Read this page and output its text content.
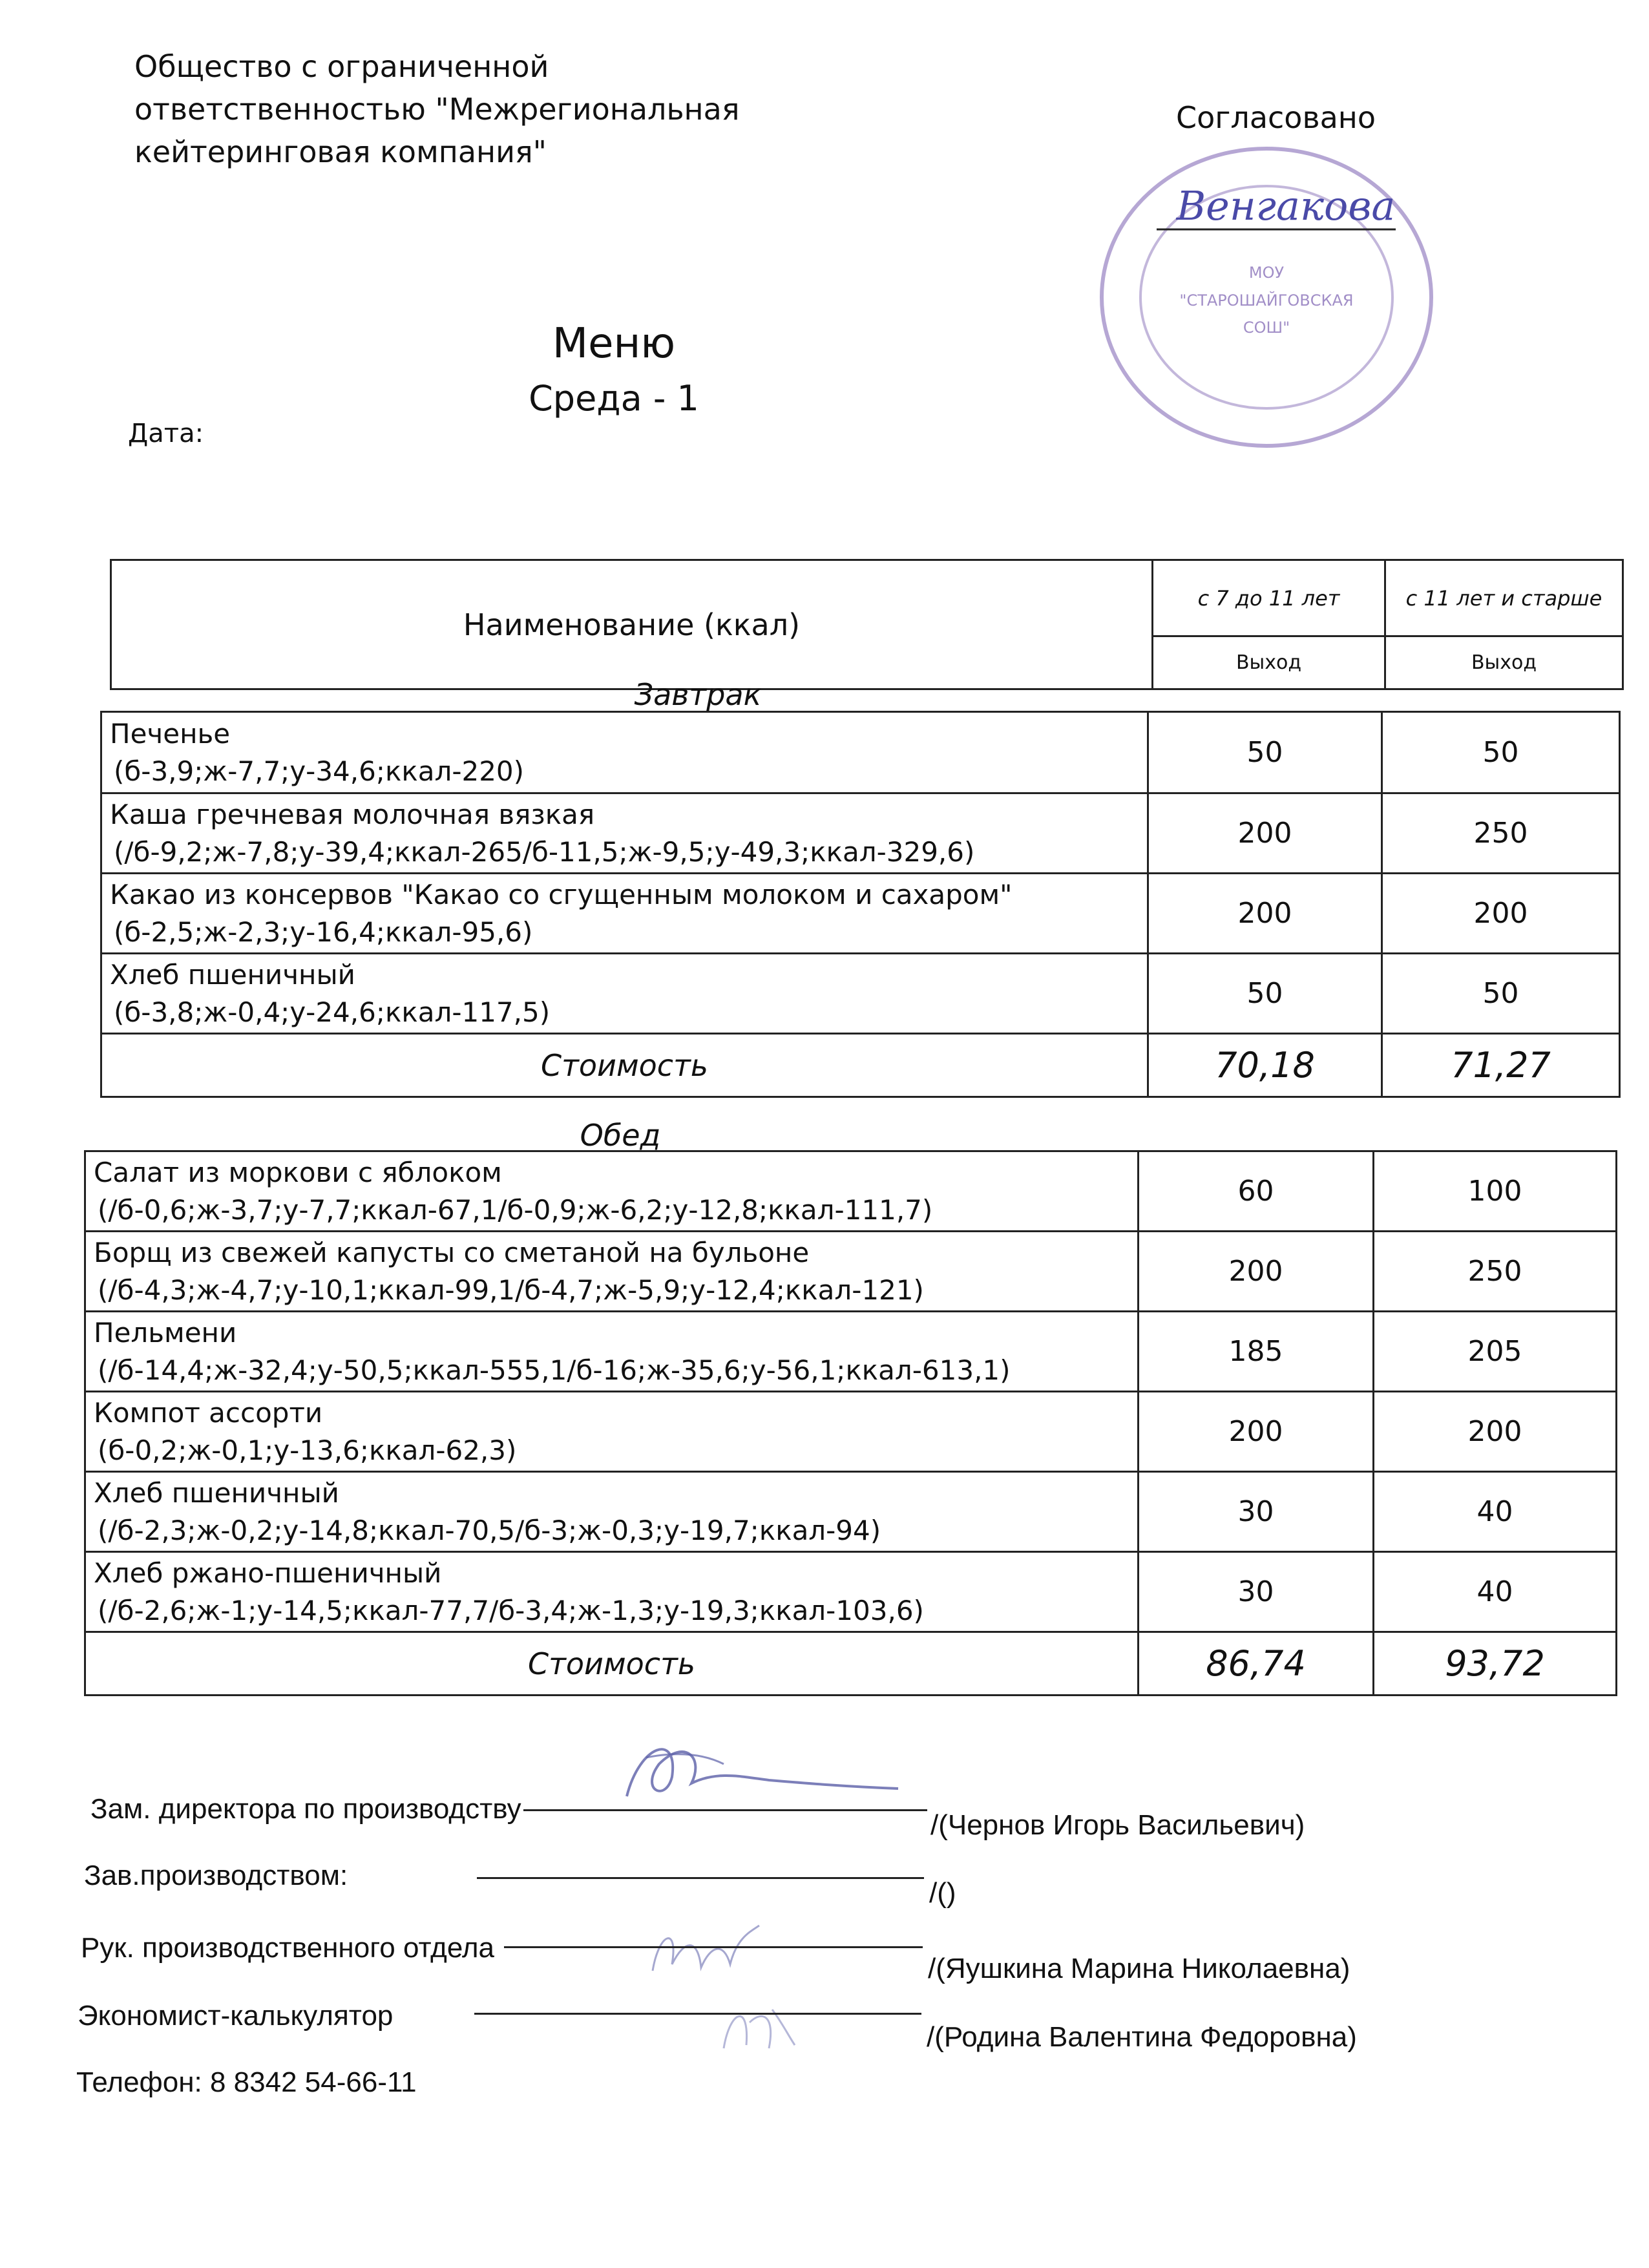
Общество с ограниченной
ответственностью "Межрегиональная
кейтеринговая компания"
Согласовано
МОУ
"СТАРОШАЙГОВСКАЯ
СОШ"
Венгакова
Меню
Среда - 1
Дата:
Наименование (ккал)	с 7 до 11 лет	с 11 лет и старше
	Выход	Выход
Завтрак
Печенье
(б-3,9;ж-7,7;у-34,6;ккал-220)	50	50
Каша гречневая молочная вязкая
(/б-9,2;ж-7,8;у-39,4;ккал-265/б-11,5;ж-9,5;у-49,3;ккал-329,6)	200	250
Какао из консервов "Какао со сгущенным молоком и сахаром"
(б-2,5;ж-2,3;у-16,4;ккал-95,6)	200	200
Хлеб пшеничный
(б-3,8;ж-0,4;у-24,6;ккал-117,5)	50	50
Стоимость	70,18	71,27
Обед
Салат из моркови с яблоком
(/б-0,6;ж-3,7;у-7,7;ккал-67,1/б-0,9;ж-6,2;у-12,8;ккал-111,7)	60	100
Борщ из свежей капусты со сметаной на бульоне
(/б-4,3;ж-4,7;у-10,1;ккал-99,1/б-4,7;ж-5,9;у-12,4;ккал-121)	200	250
Пельмени
(/б-14,4;ж-32,4;у-50,5;ккал-555,1/б-16;ж-35,6;у-56,1;ккал-613,1)	185	205
Компот ассорти
(б-0,2;ж-0,1;у-13,6;ккал-62,3)	200	200
Хлеб пшеничный
(/б-2,3;ж-0,2;у-14,8;ккал-70,5/б-3;ж-0,3;у-19,7;ккал-94)	30	40
Хлеб ржано-пшеничный
(/б-2,6;ж-1;у-14,5;ккал-77,7/б-3,4;ж-1,3;у-19,3;ккал-103,6)	30	40
Стоимость	86,74	93,72
Зам. директора по производству
/(Чернов Игорь Васильевич)
Зав.производством:
/()
Рук. производственного отдела
/(Яушкина Марина Николаевна)
Экономист-калькулятор
/(Родина Валентина Федоровна)
Телефон: 8 8342 54-66-11
